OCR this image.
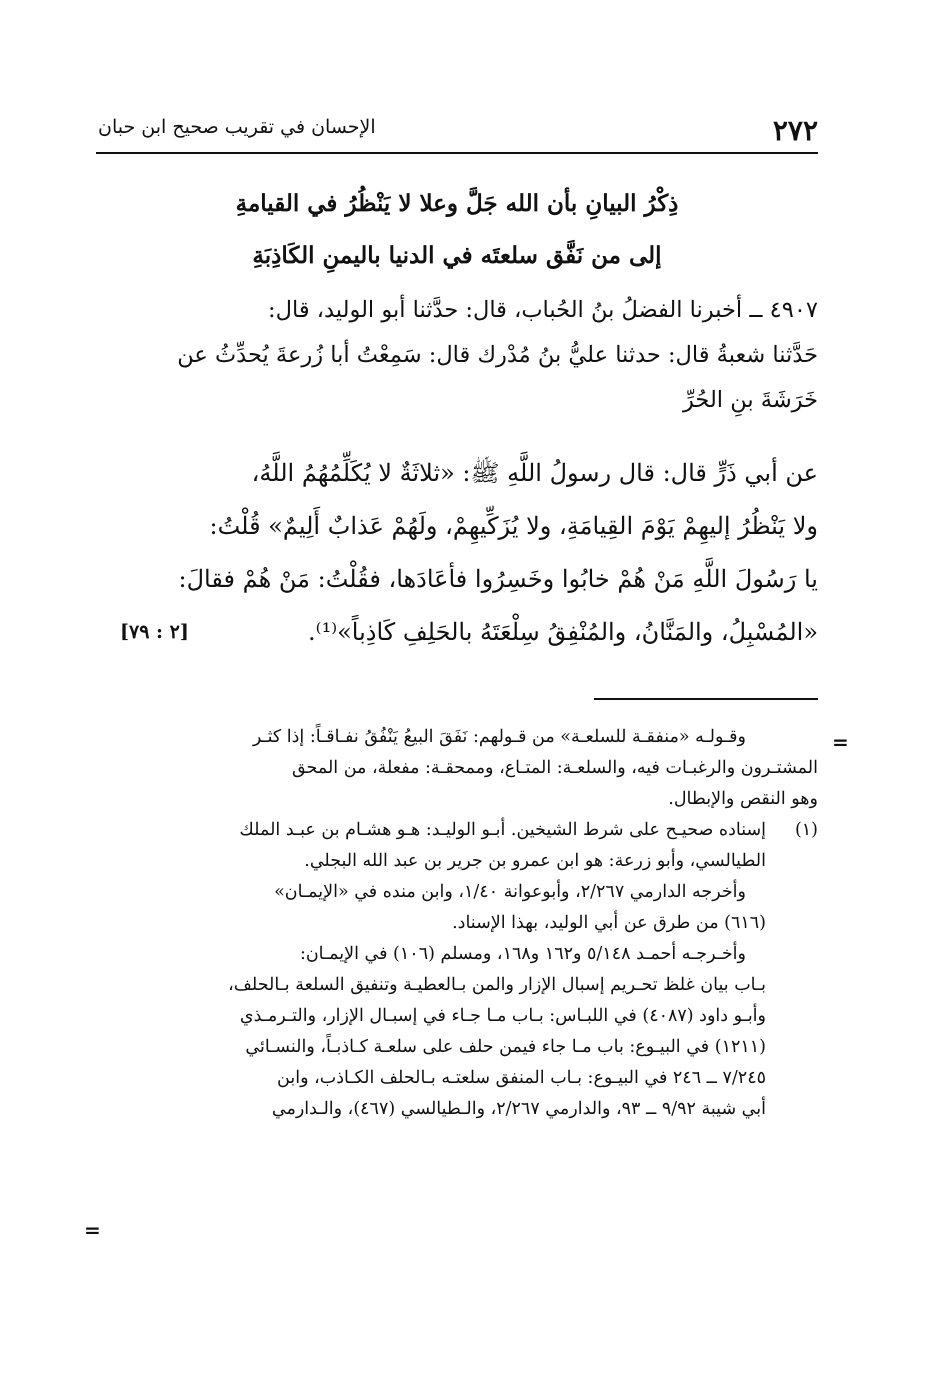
٢٧٢
الإحسان في تقريب صحيح ابن حبان
ذِكْرُ البيانِ بأن الله جَلَّ وعلا لا يَنْظُرُ في القيامةِ
إلى من نَفَّق سلعتَه في الدنيا باليمنِ الكَاذِبَةِ
٤٩٠٧ ــ أخبرنا الفضلُ بنُ الحُباب، قال: حدَّثنا أبو الوليد، قال:
حَدَّثنا شعبةُ قال: حدثنا عليُّ بنُ مُدْرك قال: سَمِعْتُ أبا زُرعةَ يُحدِّثُ عن
خَرَشَةَ بنِ الحُرِّ
عن أبي ذَرٍّ قال: قال رسولُ اللَّهِ ﷺ: «ثلاثَةٌ لا يُكَلِّمُهُمُ اللَّهُ،
ولا يَنْظُرُ إليهِمْ يَوْمَ القِيامَةِ، ولا يُزَكِّيهِمْ، ولَهُمْ عَذابٌ أَلِيمٌ» قُلْتُ:
يا رَسُولَ اللَّهِ مَنْ هُمْ خابُوا وخَسِرُوا فأعَادَها، فقُلْتُ: مَنْ هُمْ فقالَ:
«المُسْبِلُ، والمَنَّانُ، والمُنْفِقُ سِلْعَتَهُ بالحَلِفِ كَاذِباً»⁽¹⁾.
[٢ : ٧٩]
=
وقـولـه «منفقـة للسلعـة» من قـولهم: نَفَقَ البيعُ يَنْفُقُ نفـاقـاً: إذا كثـر
المشتـرون والرغبـات فيه، والسلعـة: المتـاع، وممحقـة: مفعلة، من المحق
وهو النقص والإبطال.
(١)
إسناده صحيـح على شرط الشيخين. أبـو الوليـد: هـو هشـام بن عبـد الملك
الطيالسي، وأبو زرعة: هو ابن عمرو بن جرير بن عبد الله البجلي.
وأخرجه الدارمي ٢/٢٦٧، وأبوعوانة ١/٤٠، وابن منده في «الإيمـان»
(٦١٦) من طرق عن أبي الوليد، بهذا الإسناد.
وأخـرجـه أحمـد ٥/١٤٨ و١٦٢ و١٦٨، ومسلم (١٠٦) في الإيمـان:
بـاب بيان غلظ تحـريم إسبال الإزار والمن بـالعطيـة وتنفيق السلعة بـالحلف،
وأبـو داود (٤٠٨٧) في اللبـاس: بـاب مـا جـاء في إسبـال الإزار، والتـرمـذي
(١٢١١) في البيـوع: باب مـا جاء فيمن حلف على سلعـة كـاذبـاً، والنسـائي
٧/٢٤٥ ــ ٢٤٦ في البيـوع: بـاب المنفق سلعتـه بـالحلف الكـاذب، وابن
أبي شيبة ٩/٩٢ ــ ٩٣، والدارمي ٢/٢٦٧، والـطيالسي (٤٦٧)، والـدارمي
=
